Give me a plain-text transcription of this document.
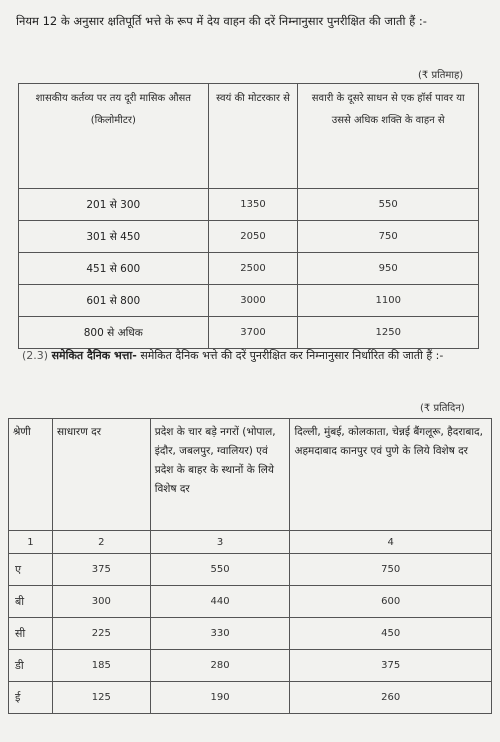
नियम 12 के अनुसार क्षतिपूर्ति भत्ते के रूप में देय वाहन की दरें निम्नानुसार पुनरीक्षित की जाती हैं :-
(₹ प्रतिमाह)
शासकीय कर्तव्य पर तय दूरी मासिक औसत (किलोमीटर)	स्वयं की मोटरकार से	सवारी के दूसरे साधन से एक हॉर्स पावर या उससे अधिक शक्ति के वाहन से
201 से 300	1350	550
301 से 450	2050	750
451 से 600	2500	950
601 से 800	3000	1100
800 से अधिक	3700	1250
(2.3) समेकित दैनिक भत्ता- समेकित दैनिक भत्ते की दरें पुनरीक्षित कर निम्नानुसार निर्धारित की जाती हैं :-
(₹ प्रतिदिन)
श्रेणी	साधारण दर	प्रदेश के चार बड़े नगरों (भोपाल, इंदौर, जबलपुर, ग्वालियर) एवं प्रदेश के बाहर के स्थानों के लिये विशेष दर	दिल्ली, मुंबई, कोलकाता, चेन्नई बैंगलूरू, हैदराबाद, अहमदाबाद कानपुर एवं पुणे के लिये विशेष दर
1	2	3	4
ए	375	550	750
बी	300	440	600
सी	225	330	450
डी	185	280	375
ई	125	190	260
